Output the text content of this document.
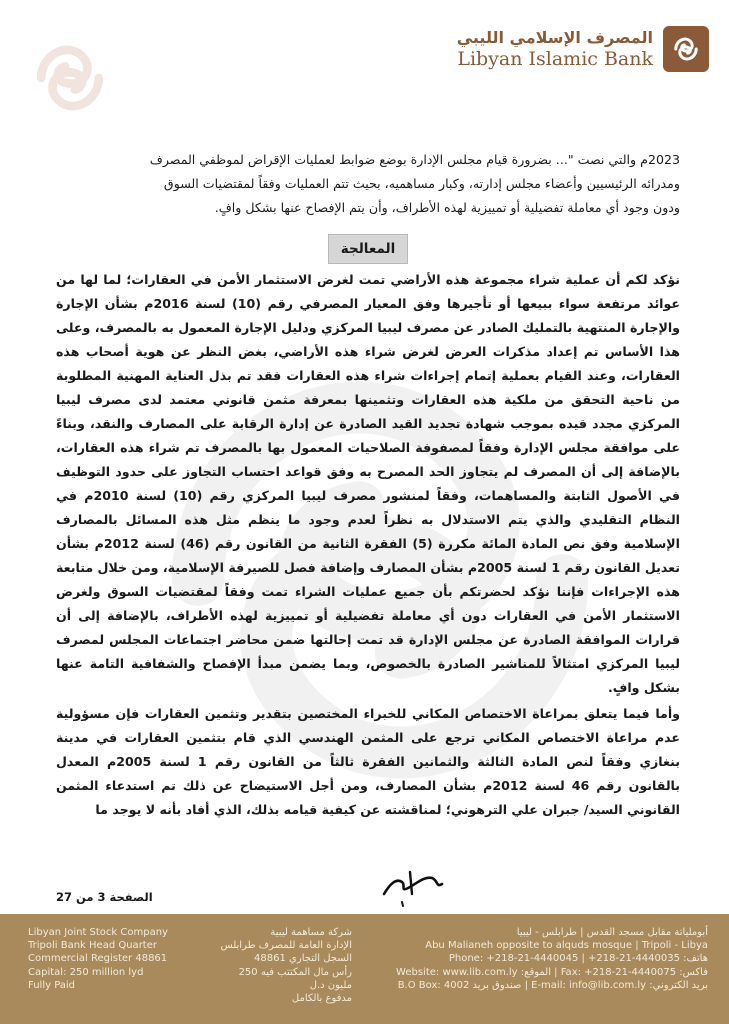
المصرف الإسلامي الليبي
Libyan Islamic Bank

2023م والتي نصت "... بضرورة قيام مجلس الإدارة بوضع ضوابط لعمليات الإقراض لموظفي المصرف

ومدرائه الرئيسيين وأعضاء مجلس إدارته، وكبار مساهميه، بحيث تتم العمليات وفقاً لمقتضيات السوق

ودون وجود أي معاملة تفضيلية أو تمييزية لهذه الأطراف، وأن يتم الإفصاح عنها بشكل وافٍ.

المعالجة

نؤكد لكم أن عملية شراء مجموعة هذه الأراضي تمت لغرض الاستثمار الأمن في العقارات؛ لما لها من عوائد مرتفعة سواء ببيعها أو تأجيرها وفق المعيار المصرفي رقم (10) لسنة 2016م بشأن الإجارة والإجارة المنتهية بالتمليك الصادر عن مصرف ليبيا المركزي ودليل الإجارة المعمول به بالمصرف، وعلى هذا الأساس تم إعداد مذكرات العرض لغرض شراء هذه الأراضي، بغض النظر عن هوية أصحاب هذه العقارات، وعند القيام بعملية إتمام إجراءات شراء هذه العقارات فقد تم بذل العناية المهنية المطلوبة من ناحية التحقق من ملكية هذه العقارات وتثمينها بمعرفة مثمن قانوني معتمد لدى مصرف ليبيا المركزي مجدد قيده بموجب شهادة تجديد القيد الصادرة عن إدارة الرقابة على المصارف والنقد، وبناءً على موافقة مجلس الإدارة وفقاً لمصفوفة الصلاحيات المعمول بها بالمصرف تم شراء هذه العقارات، بالإضافة إلى أن المصرف لم يتجاوز الحد المصرح به وفق قواعد احتساب التجاوز على حدود التوظيف في الأصول الثابتة والمساهمات، وفقاً لمنشور مصرف ليبيا المركزي رقم (10) لسنة 2010م في النظام التقليدي والذي يتم الاستدلال به نظراً لعدم وجود ما ينظم مثل هذه المسائل بالمصارف الإسلامية وفق نص المادة المائة مكررة (5) الفقرة الثانية من القانون رقم (46) لسنة 2012م بشأن تعديل القانون رقم 1 لسنة 2005م بشأن المصارف وإضافة فصل للصيرفة الإسلامية، ومن خلال متابعة هذه الإجراءات فإننا نؤكد لحضرتكم بأن جميع عمليات الشراء تمت وفقاً لمقتضيات السوق ولغرض الاستثمار الأمن في العقارات دون أي معاملة تفضيلية أو تمييزية لهذه الأطراف، بالإضافة إلى أن قرارات الموافقة الصادرة عن مجلس الإدارة قد تمت إحالتها ضمن محاضر اجتماعات المجلس لمصرف ليبيا المركزي امتثالاً للمناشير الصادرة بالخصوص، وبما يضمن مبدأ الإفصاح والشفافية التامة عنها بشكل وافٍ.

وأما فيما يتعلق بمراعاة الاختصاص المكاني للخبراء المختصين بتقدير وتثمين العقارات فإن مسؤولية عدم مراعاة الاختصاص المكاني ترجع على المثمن الهندسي الذي قام بتثمين العقارات في مدينة بنغازي وفقاً لنص المادة الثالثة والثمانين الفقرة ثالثاً من القانون رقم 1 لسنة 2005م المعدل بالقانون رقم 46 لسنة 2012م بشأن المصارف، ومن أجل الاستيضاح عن ذلك تم استدعاء المثمن القانوني السيد/ جبران علي الترهوني؛ لمناقشته عن كيفية قيامه بذلك، الذي أفاد بأنه لا يوجد ما

الصفحة 3 من 27
Libyan Joint Stock Company
Tripoli Bank Head Quarter
Commercial Register 48861
Capital: 250 million lyd
Fully Paid
شركة مساهمة ليبية
الإدارة العامة للمصرف طرابلس
السجل التجاري 48861
رأس مال المكتتب فيه 250 مليون د.ل
مدفوع بالكامل
أبوملياتة مقابل مسجد القدس | طرابلس - ليبيا
Abu Malianeh opposite to alquds mosque | Tripoli - Libya
Phone: +218-21-4440045 | +218-21-4440035 :هاتف
Website: www.lib.com.ly :الموقع | Fax: +218-21-4440075 :فاكس
B.O Box: 4002 صندوق بريد | E-mail: info@lib.com.ly :بريد الكتروني
